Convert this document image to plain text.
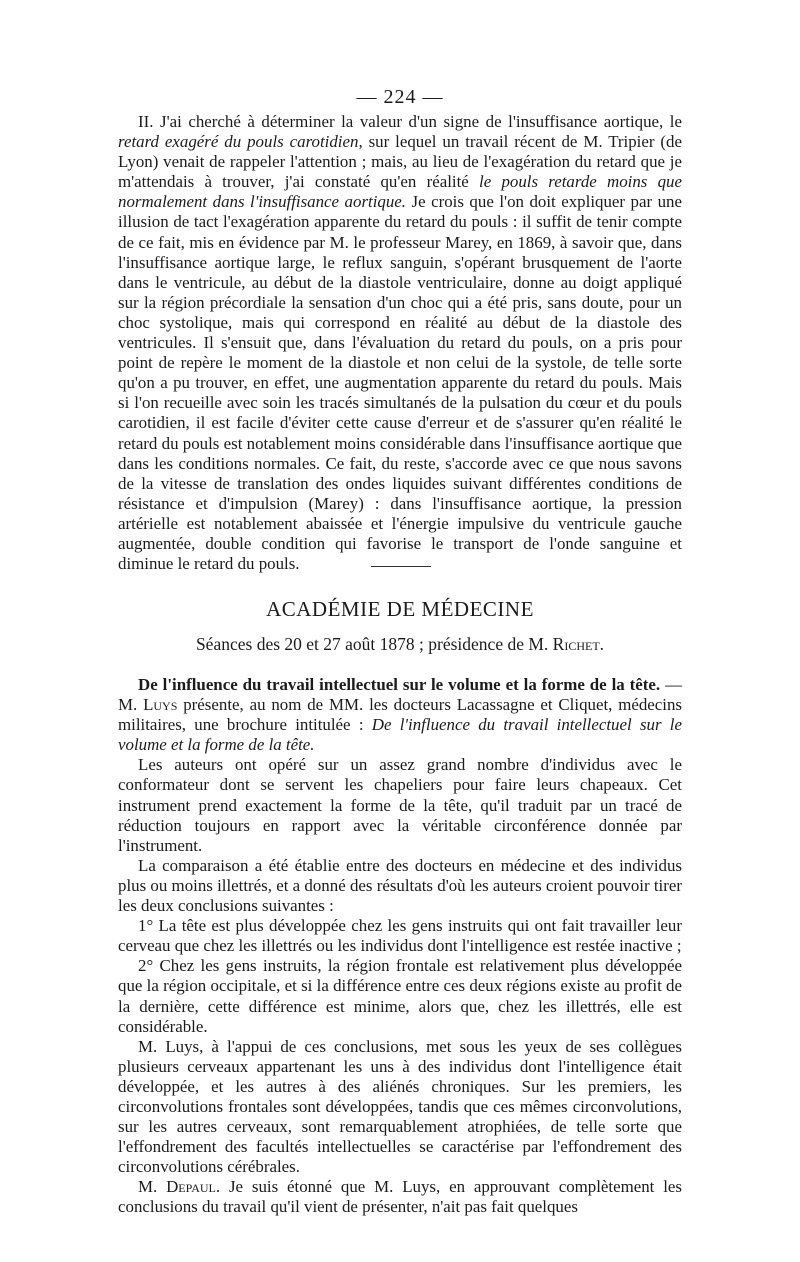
— 224 —

II. J'ai cherché à déterminer la valeur d'un signe de l'insuffisance aortique, le retard exagéré du pouls carotidien, sur lequel un travail récent de M. Tripier (de Lyon) venait de rappeler l'attention ; mais, au lieu de l'exagération du retard que je m'attendais à trouver, j'ai constaté qu'en réalité le pouls retarde moins que normalement dans l'insuffisance aortique. Je crois que l'on doit expliquer par une illusion de tact l'exagération apparente du retard du pouls : il suffit de tenir compte de ce fait, mis en évidence par M. le professeur Marey, en 1869, à savoir que, dans l'insuffisance aortique large, le reflux sanguin, s'opérant brusquement de l'aorte dans le ventricule, au début de la diastole ventriculaire, donne au doigt appliqué sur la région précordiale la sensation d'un choc qui a été pris, sans doute, pour un choc systolique, mais qui correspond en réalité au début de la diastole des ventricules. Il s'ensuit que, dans l'évaluation du retard du pouls, on a pris pour point de repère le moment de la diastole et non celui de la systole, de telle sorte qu'on a pu trouver, en effet, une augmentation apparente du retard du pouls. Mais si l'on recueille avec soin les tracés simultanés de la pulsation du cœur et du pouls carotidien, il est facile d'éviter cette cause d'erreur et de s'assurer qu'en réalité le retard du pouls est notablement moins considérable dans l'insuffisance aortique que dans les conditions normales. Ce fait, du reste, s'accorde avec ce que nous savons de la vitesse de translation des ondes liquides suivant différentes conditions de résistance et d'impulsion (Marey) : dans l'insuffisance aortique, la pression artérielle est notablement abaissée et l'énergie impulsive du ventricule gauche augmentée, double condition qui favorise le transport de l'onde sanguine et diminue le retard du pouls.

ACADÉMIE DE MÉDECINE
Séances des 20 et 27 août 1878 ; présidence de M. Richet.

De l'influence du travail intellectuel sur le volume et la forme de la tête. — M. Luys présente, au nom de MM. les docteurs Lacassagne et Cliquet, médecins militaires, une brochure intitulée : De l'influence du travail intellectuel sur le volume et la forme de la tête.

Les auteurs ont opéré sur un assez grand nombre d'individus avec le conformateur dont se servent les chapeliers pour faire leurs chapeaux. Cet instrument prend exactement la forme de la tête, qu'il traduit par un tracé de réduction toujours en rapport avec la véritable circonférence donnée par l'instrument.

La comparaison a été établie entre des docteurs en médecine et des individus plus ou moins illettrés, et a donné des résultats d'où les auteurs croient pouvoir tirer les deux conclusions suivantes :

1° La tête est plus développée chez les gens instruits qui ont fait travailler leur cerveau que chez les illettrés ou les individus dont l'intelligence est restée inactive ;

2° Chez les gens instruits, la région frontale est relativement plus développée que la région occipitale, et si la différence entre ces deux régions existe au profit de la dernière, cette différence est minime, alors que, chez les illettrés, elle est considérable.

M. Luys, à l'appui de ces conclusions, met sous les yeux de ses collègues plusieurs cerveaux appartenant les uns à des individus dont l'intelligence était développée, et les autres à des aliénés chroniques. Sur les premiers, les circonvolutions frontales sont développées, tandis que ces mêmes circonvolutions, sur les autres cerveaux, sont remarquablement atrophiées, de telle sorte que l'effondrement des facultés intellectuelles se caractérise par l'effondrement des circonvolutions cérébrales.

M. Depaul. Je suis étonné que M. Luys, en approuvant complètement les conclusions du travail qu'il vient de présenter, n'ait pas fait quelques
